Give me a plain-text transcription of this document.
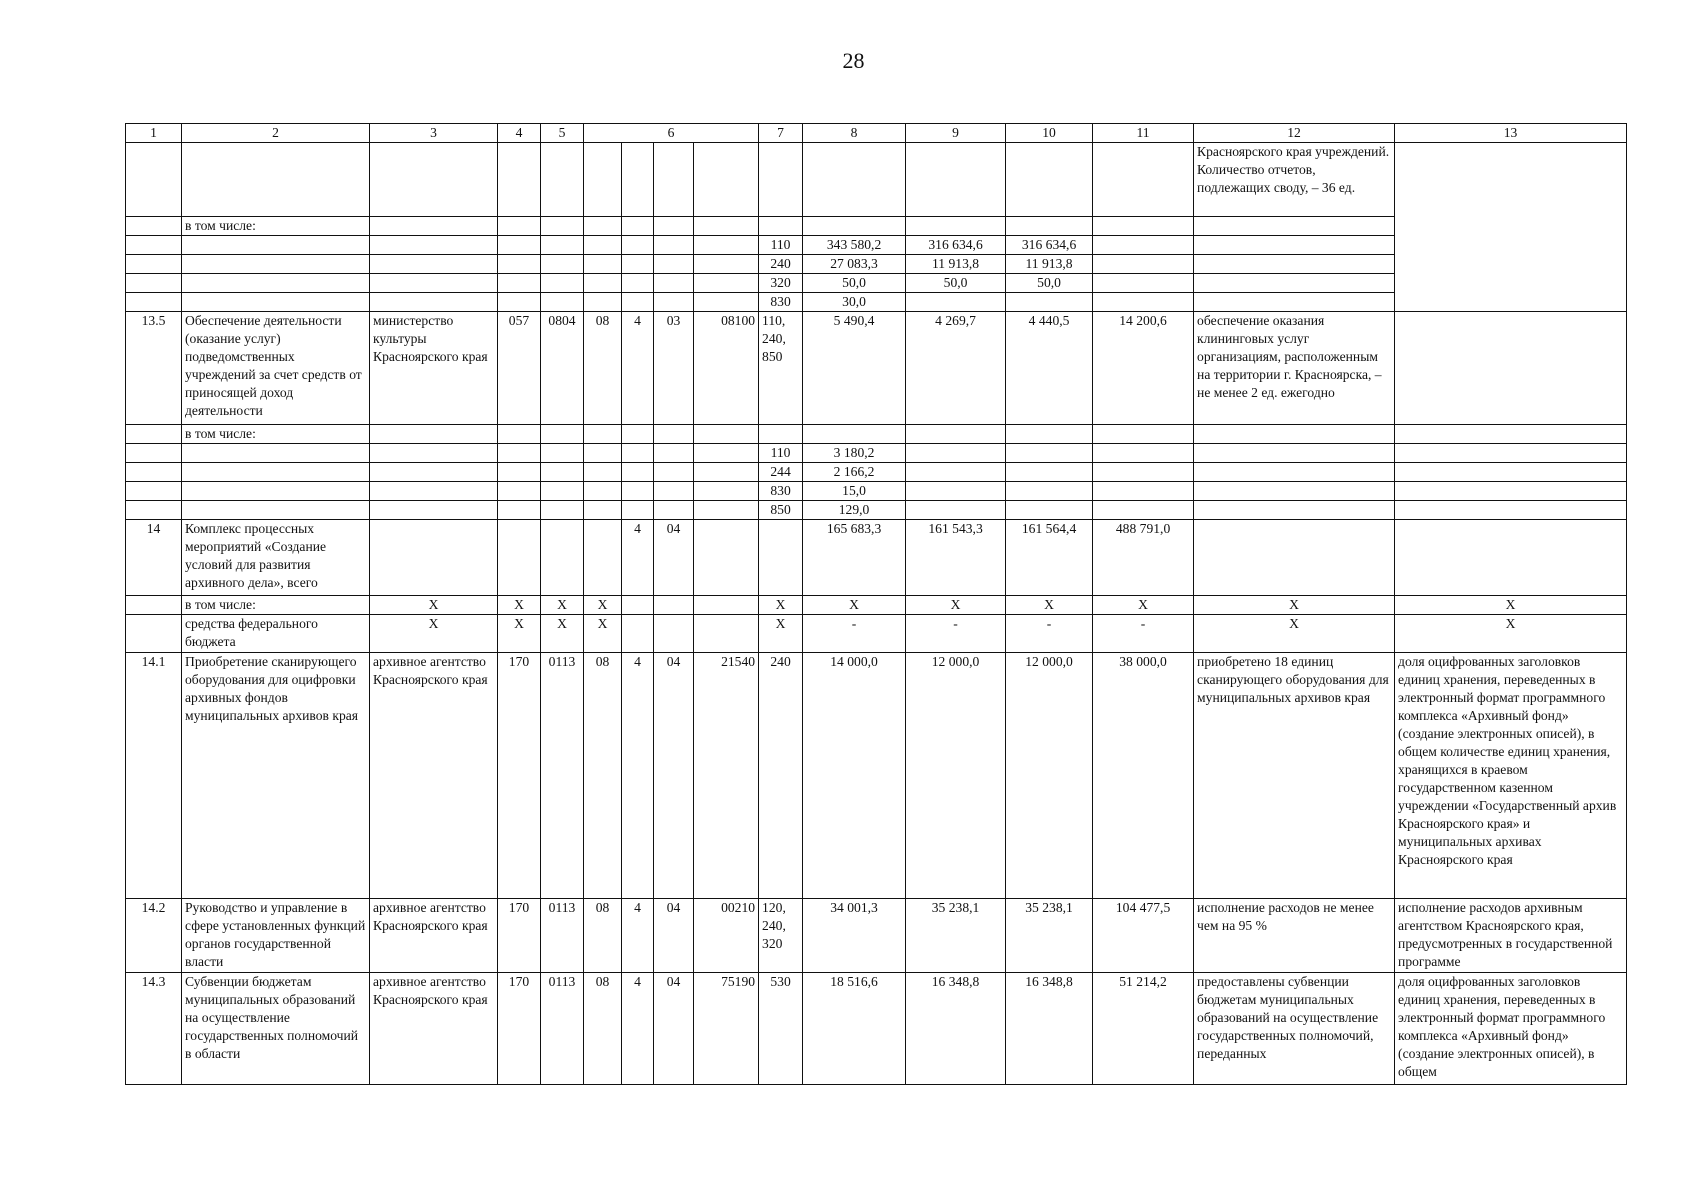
28
1	2	3	4	5	6				7	8	9	10	11	12	13
														Красноярского края учреждений. Количество отчетов, подлежащих своду, – 36 ед.	
	в том числе:														
									110	343 580,2	316 634,6	316 634,6			
									240	27 083,3	11 913,8	11 913,8			
									320	50,0	50,0	50,0			
									830	30,0					
13.5	Обеспечение деятельности (оказание услуг) подведомственных учреждений за счет средств от приносящей доход деятельности	министерство культуры Красноярского края	057	0804	08	4	03	08100	110, 240, 850	5 490,4	4 269,7	4 440,5	14 200,6	обеспечение оказания клининговых услуг организациям, расположенным на территории г. Красноярска, – не менее 2 ед. ежегодно	
	в том числе:														
									110	3 180,2					
									244	2 166,2					
									830	15,0					
									850	129,0					
14	Комплекс процессных мероприятий «Создание условий для развития архивного дела», всего					4	04			165 683,3	161 543,3	161 564,4	488 791,0		
	в том числе:	X	X	X	X				X	X	X	X	X	X	X
	средства федерального бюджета	X	X	X	X				X	-	-	-	-	X	X
14.1	Приобретение сканирующего оборудования для оцифровки архивных фондов муниципальных архивов края	архивное агентство Красноярского края	170	0113	08	4	04	21540	240	14 000,0	12 000,0	12 000,0	38 000,0	приобретено 18 единиц сканирующего оборудования для муниципальных архивов края	доля оцифрованных заголовков единиц хранения, переведенных в электронный формат программного комплекса «Архивный фонд» (создание электронных описей), в общем количестве единиц хранения, хранящихся в краевом государственном казенном учреждении «Государственный архив Красноярского края» и муниципальных архивах Красноярского края
14.2	Руководство и управление в сфере установленных функций органов государственной власти	архивное агентство Красноярского края	170	0113	08	4	04	00210	120, 240, 320	34 001,3	35 238,1	35 238,1	104 477,5	исполнение расходов не менее чем на 95 %	исполнение расходов архивным агентством Красноярского края, предусмотренных в государственной программе
14.3	Субвенции бюджетам муниципальных образований на осуществление государственных полномочий в области	архивное агентство Красноярского края	170	0113	08	4	04	75190	530	18 516,6	16 348,8	16 348,8	51 214,2	предоставлены субвенции бюджетам муниципальных образований на осуществление государственных полномочий, переданных	доля оцифрованных заголовков единиц хранения, переведенных в электронный формат программного комплекса «Архивный фонд» (создание электронных описей), в общем
